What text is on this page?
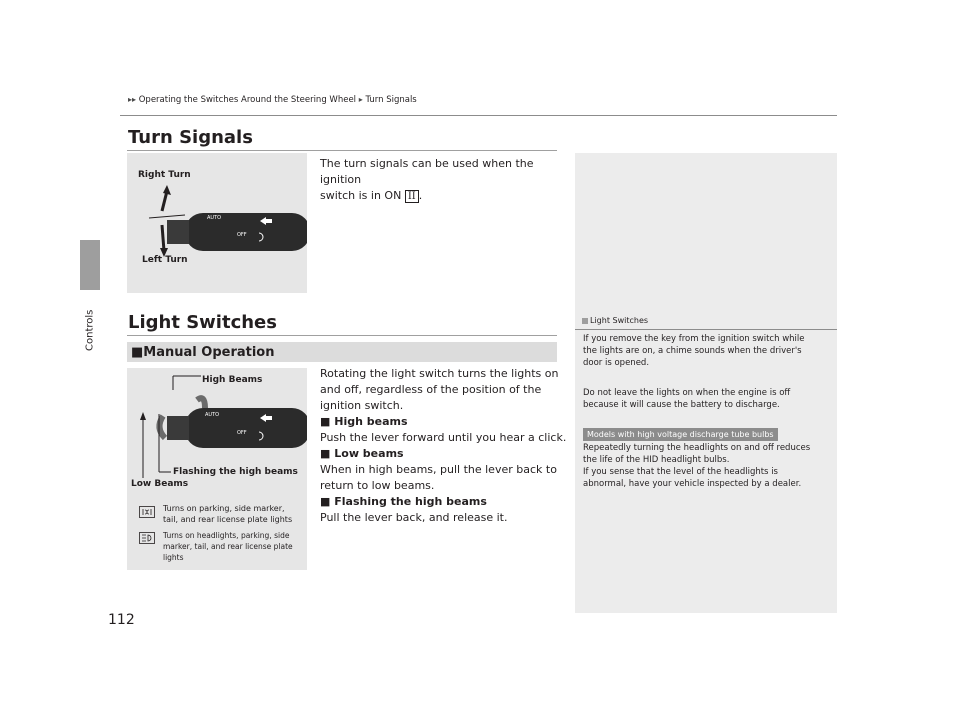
Controls
▸▸ Operating the Switches Around the Steering Wheel ▸ Turn Signals
Turn Signals
AUTO
OFF
Right Turn
Left Turn
The turn signals can be used when the ignition
switch is in ON II .
Light Switches
■ Manual Operation
AUTO
OFF
High Beams
Flashing the high beams
Low Beams
Turns on parking, side marker,
tail, and rear license plate lights
Turns on headlights, parking, side
marker, tail, and rear license plate
lights
Rotating the light switch turns the lights on
and off, regardless of the position of the
ignition switch.
■ High beams
Push the lever forward until you hear a click.
■ Low beams
When in high beams, pull the lever back to
return to low beams.
■ Flashing the high beams
Pull the lever back, and release it.
Light Switches
If you remove the key from the ignition switch while
the lights are on, a chime sounds when the driver's
door is opened.
Do not leave the lights on when the engine is off
because it will cause the battery to discharge.
Models with high voltage discharge tube bulbs
Repeatedly turning the headlights on and off reduces
the life of the HID headlight bulbs.
If you sense that the level of the headlights is
abnormal, have your vehicle inspected by a dealer.
112
